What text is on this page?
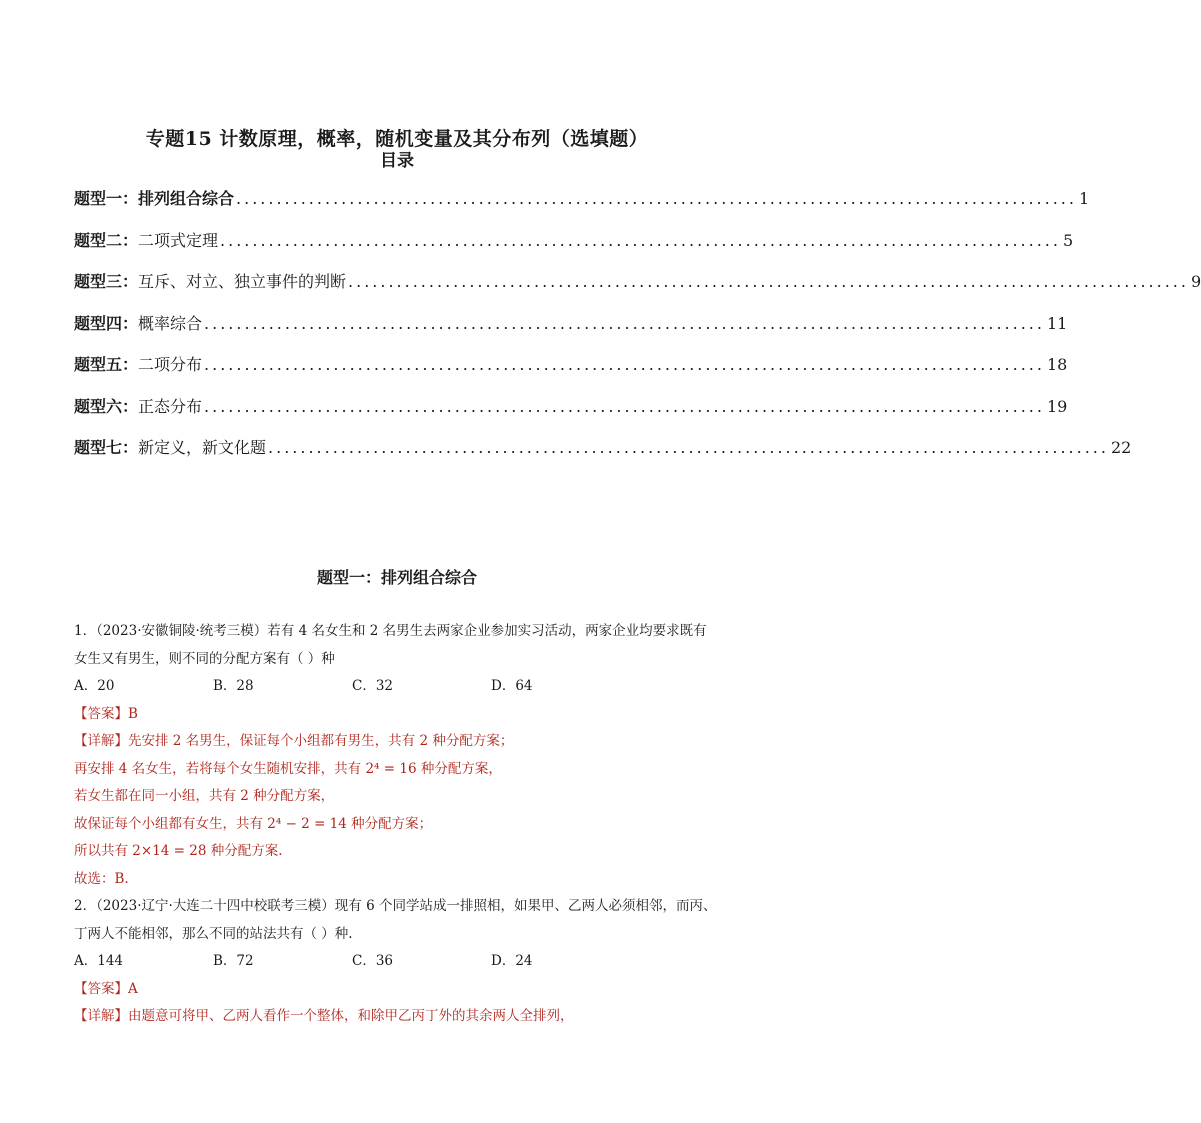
专题15 计数原理，概率，随机变量及其分布列（选填题）
目录
题型一： 排列组合综合 ........................................................................................................ 1
题型二： 二项式定理 ........................................................................................................ 5
题型三： 互斥、对立、独立事件的判断 ........................................................................................................ 9
题型四： 概率综合 ........................................................................................................ 11
题型五： 二项分布 ........................................................................................................ 18
题型六： 正态分布 ........................................................................................................ 19
题型七： 新定义，新文化题 ........................................................................................................ 22
题型一：排列组合综合
1．（2023·安徽铜陵·统考三模）若有 4 名女生和 2 名男生去两家企业参加实习活动，两家企业均要求既有
女生又有男生，则不同的分配方案有（ ）种
A．20	B．28	C．32	D．64
【答案】B
【详解】先安排 2 名男生，保证每个小组都有男生，共有 2 种分配方案；
再安排 4 名女生，若将每个女生随机安排，共有 2⁴ = 16 种分配方案，
若女生都在同一小组，共有 2 种分配方案，
故保证每个小组都有女生，共有 2⁴ − 2 = 14 种分配方案；
所以共有 2×14 = 28 种分配方案.
故选：B.
2．（2023·辽宁·大连二十四中校联考三模）现有 6 个同学站成一排照相，如果甲、乙两人必须相邻，而丙、
丁两人不能相邻，那么不同的站法共有（ ）种.
A．144	B．72	C．36	D．24
【答案】A
【详解】由题意可将甲、乙两人看作一个整体，和除甲乙丙丁外的其余两人全排列，
